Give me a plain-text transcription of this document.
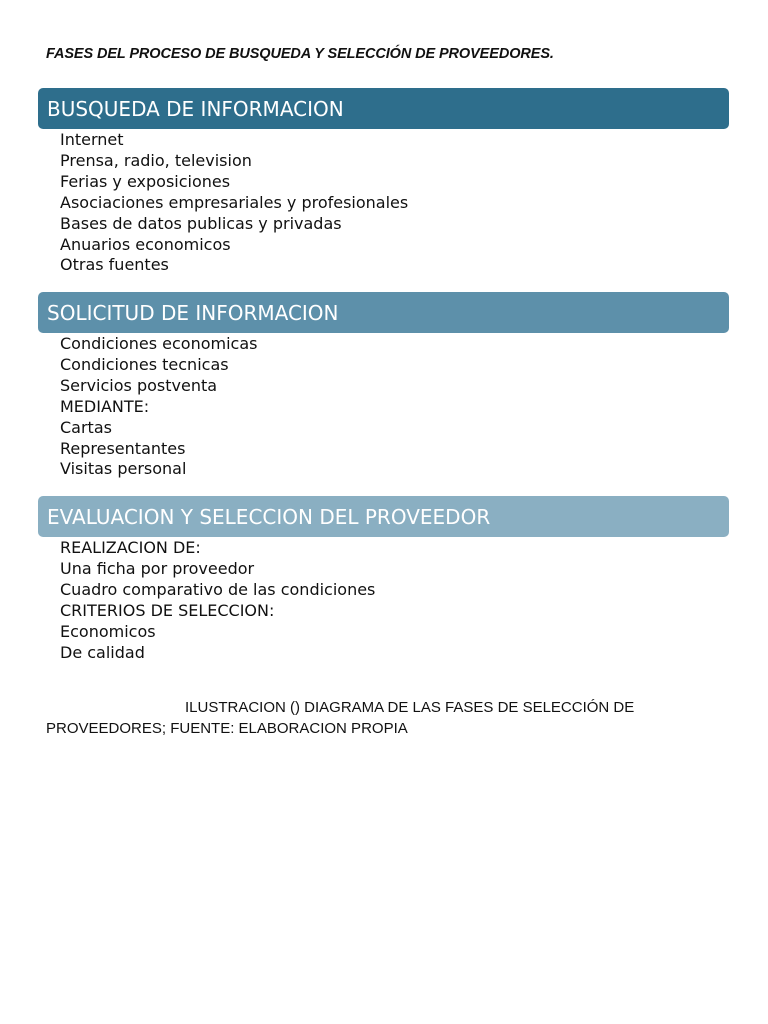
FASES DEL PROCESO DE BUSQUEDA Y SELECCIÓN DE PROVEEDORES.
BUSQUEDA DE INFORMACION
Internet
Prensa, radio, television
Ferias y exposiciones
Asociaciones empresariales y profesionales
Bases de datos publicas y privadas
Anuarios economicos
Otras fuentes
SOLICITUD DE INFORMACION
Condiciones economicas
Condiciones tecnicas
Servicios postventa
MEDIANTE:
Cartas
Representantes
Visitas personal
EVALUACION Y SELECCION DEL PROVEEDOR
REALIZACION DE:
Una ficha por proveedor
Cuadro comparativo de las condiciones
CRITERIOS DE SELECCION:
Economicos
De calidad
ILUSTRACION () DIAGRAMA DE LAS FASES DE SELECCIÓN DE
PROVEEDORES; FUENTE: ELABORACION PROPIA
